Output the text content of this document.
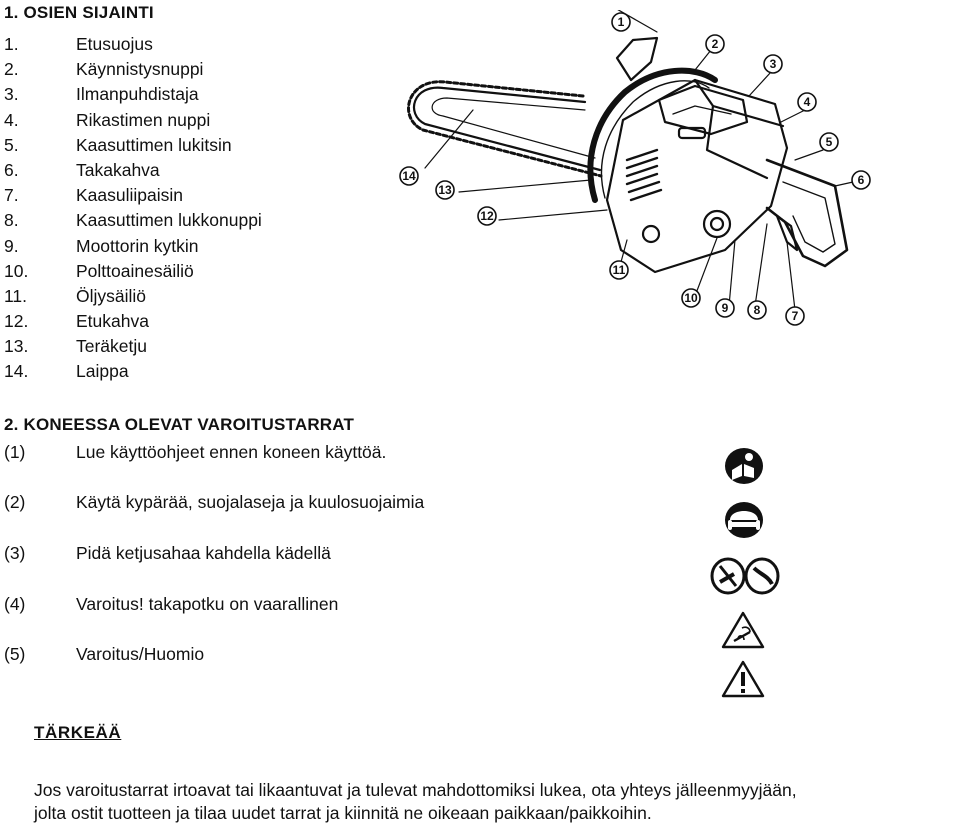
1. OSIEN SIJAINTI
1.	Etusuojus
2.	Käynnistysnuppi
3.	Ilmanpuhdistaja
4.	Rikastimen nuppi
5.	Kaasuttimen lukitsin
6.	Takakahva
7.	Kaasuliipaisin
8.	Kaasuttimen lukkonuppi
9.	Moottorin kytkin
10.	Polttoainesäiliö
11.	Öljysäiliö
12.	Etukahva
13.	Teräketju
14.	Laippa
14
13
12
11
10
9 8	7
6
5
4
3
2
1
2. KONEESSA OLEVAT VAROITUSTARRAT
(1)	Lue käyttöohjeet ennen koneen käyttöä.
(2)	Käytä kypärää, suojalaseja ja kuulosuojaimia
(3)	Pidä ketjusahaa kahdella kädellä
(4)	Varoitus! takapotku on vaarallinen
(5)	Varoitus/Huomio
TÄRKEÄÄ
Jos varoitustarrat irtoavat tai likaantuvat ja tulevat mahdottomiksi lukea, ota yhteys jälleenmyyjään,
jolta ostit tuotteen ja tilaa uudet tarrat ja kiinnitä ne oikeaan paikkaan/paikkoihin.
